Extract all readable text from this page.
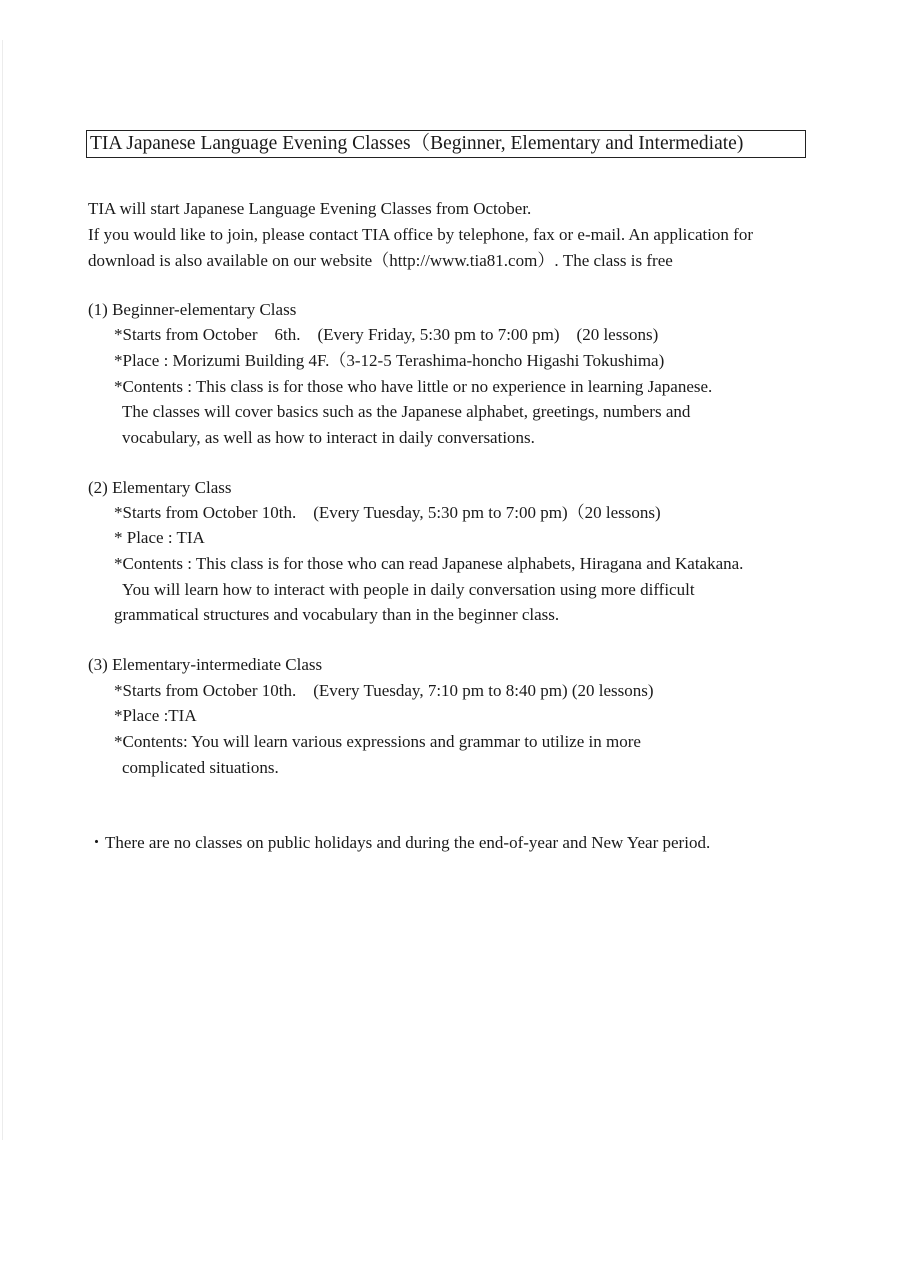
TIA Japanese Language Evening Classes（Beginner, Elementary and Intermediate)
TIA will start Japanese Language Evening Classes from October.
If you would like to join, please contact TIA office by telephone, fax or e-mail. An application for
download is also available on our website（http://www.tia81.com）. The class is free
(1) Beginner-elementary Class
*Starts from October　6th.　(Every Friday, 5:30 pm to 7:00 pm)　(20 lessons)
*Place : Morizumi Building 4F.（3-12-5 Terashima-honcho Higashi Tokushima)
*Contents : This class is for those who have little or no experience in learning Japanese.
The classes will cover basics such as the Japanese alphabet, greetings, numbers and
vocabulary, as well as how to interact in daily conversations.
(2) Elementary Class
*Starts from October 10th.　(Every Tuesday, 5:30 pm to 7:00 pm)（20 lessons)
* Place : TIA
*Contents : This class is for those who can read Japanese alphabets, Hiragana and Katakana.
You will learn how to interact with people in daily conversation using more difficult
grammatical structures and vocabulary than in the beginner class.
(3) Elementary-intermediate Class
*Starts from October 10th.　(Every Tuesday, 7:10 pm to 8:40 pm) (20 lessons)
*Place :TIA
*Contents: You will learn various expressions and grammar to utilize in more
complicated situations.
・There are no classes on public holidays and during the end-of-year and New Year period.
